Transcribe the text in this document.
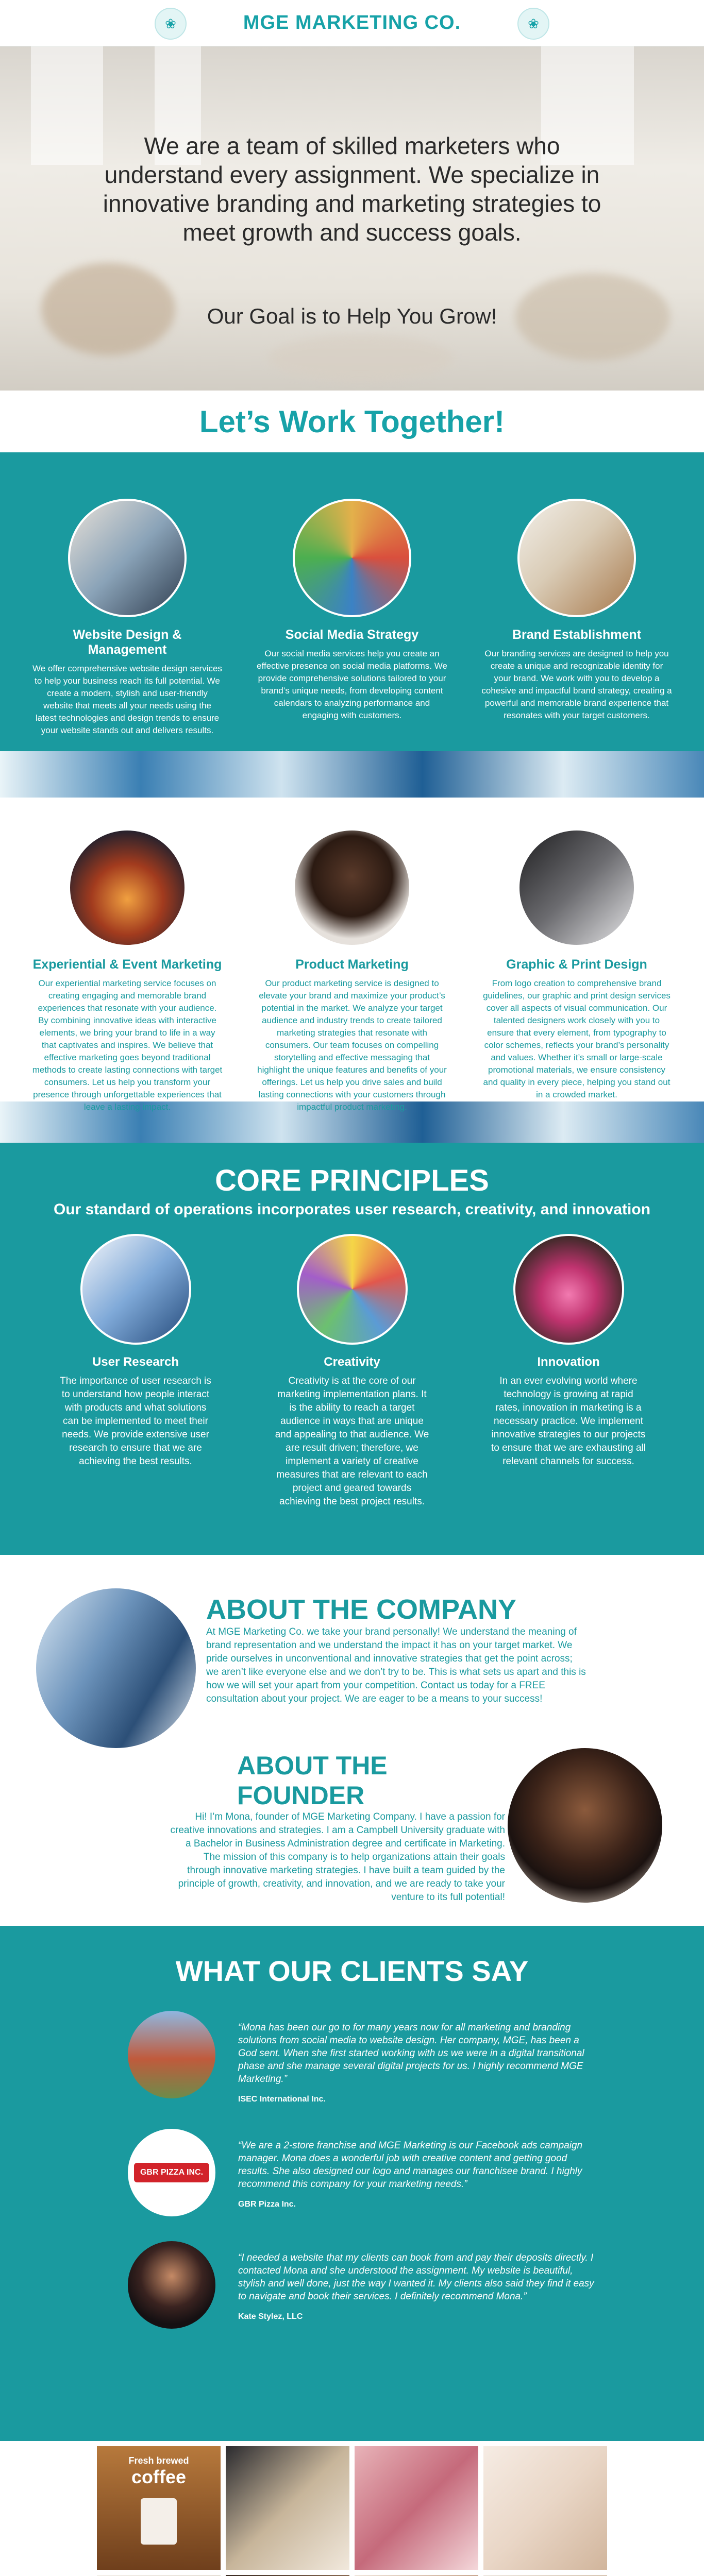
❀	MGE MARKETING CO.	❀
We are a team of skilled marketers who understand every assignment. We specialize in innovative branding and marketing strategies to meet growth and success goals.
Our Goal is to Help You Grow!
Let’s Work Together!
Website Design & Management

We offer comprehensive website design services to help your business reach its full potential. We create a modern, stylish and user-friendly website that meets all your needs using the latest technologies and design trends to ensure your website stands out and delivers results.

Social Media Strategy

Our social media services help you create an effective presence on social media platforms. We provide comprehensive solutions tailored to your brand’s unique needs, from developing content calendars to analyzing performance and engaging with customers.

Brand Establishment

Our branding services are designed to help you create a unique and recognizable identity for your brand. We work with you to develop a cohesive and impactful brand strategy, creating a powerful and memorable brand experience that resonates with your target customers.

Experiential & Event Marketing

Our experiential marketing service focuses on creating engaging and memorable brand experiences that resonate with your audience. By combining innovative ideas with interactive elements, we bring your brand to life in a way that captivates and inspires. We believe that effective marketing goes beyond traditional methods to create lasting connections with target consumers. Let us help you transform your presence through unforgettable experiences that leave a lasting impact.

Product Marketing

Our product marketing service is designed to elevate your brand and maximize your product’s potential in the market. We analyze your target audience and industry trends to create tailored marketing strategies that resonate with consumers. Our team focuses on compelling storytelling and effective messaging that highlight the unique features and benefits of your offerings. Let us help you drive sales and build lasting connections with your customers through impactful product marketing.

Graphic & Print Design

From logo creation to comprehensive brand guidelines, our graphic and print design services cover all aspects of visual communication. Our talented designers work closely with you to ensure that every element, from typography to color schemes, reflects your brand’s personality and values. Whether it’s small or large-scale promotional materials, we ensure consistency and quality in every piece, helping you stand out in a crowded market.

CORE PRINCIPLES
Our standard of operations incorporates user research, creativity, and innovation
User Research

The importance of user research is to understand how people interact with products and what solutions can be implemented to meet their needs. We provide extensive user research to ensure that we are achieving the best results.

Creativity

Creativity is at the core of our marketing implementation plans. It is the ability to reach a target audience in ways that are unique and appealing to that audience. We are result driven; therefore, we implement a variety of creative measures that are relevant to each project and geared towards achieving the best project results.

Innovation

In an ever evolving world where technology is growing at rapid rates, innovation in marketing is a necessary practice. We implement innovative strategies to our projects to ensure that we are exhausting all relevant channels for success.

ABOUT THE COMPANY

At MGE Marketing Co. we take your brand personally! We understand the meaning of brand representation and we understand the impact it has on your target market. We pride ourselves in unconventional and innovative strategies that get the point across; we aren’t like everyone else and we don’t try to be. This is what sets us apart and this is how we will set your apart from your competition. Contact us today for a FREE consultation about your project. We are eager to be a means to your success!

ABOUT THE FOUNDER

Hi! I’m Mona, founder of MGE Marketing Company. I have a passion for creative innovations and strategies. I am a Campbell University graduate with a Bachelor in Business Administration degree and certificate in Marketing. The mission of this company is to help organizations attain their goals through innovative marketing strategies. I have built a team guided by the principle of growth, creativity, and innovation, and we are ready to take your venture to its full potential!

WHAT OUR CLIENTS SAY

“Mona has been our go to for many years now for all marketing and branding solutions from social media to website design. Her company, MGE, has been a God sent. When she first started working with us we were in a digital transitional phase and she manage several digital projects for us. I highly recommend MGE Marketing.”

ISEC International Inc.
GBR PIZZA INC.

“We are a 2-store franchise and MGE Marketing is our Facebook ads campaign manager. Mona does a wonderful job with creative content and getting good results. She also designed our logo and manages our franchisee brand. I highly recommend this company for your marketing needs.”

GBR Pizza Inc.

“I needed a website that my clients can book from and pay their deposits directly. I contacted Mona and she understood the assignment. My website is beautiful, stylish and well done, just the way I wanted it. My clients also said they find it easy to navigate and book their services. I definitely recommend Mona.”

Kate Stylez, LLC
Fresh brewed
coffee
